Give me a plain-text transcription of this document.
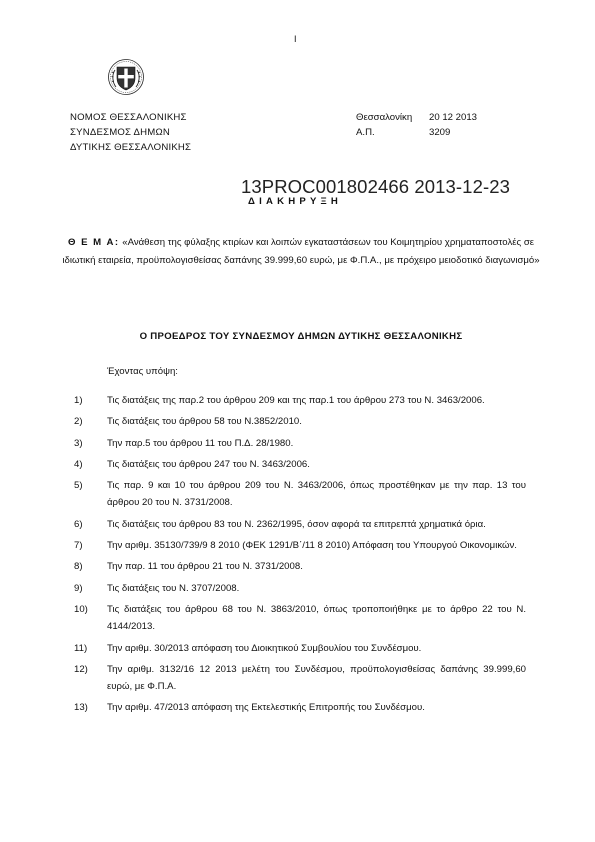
I
ΝΟΜΟΣ ΘΕΣΣΑΛΟΝΙΚΗΣ
ΣΥΝΔΕΣΜΟΣ ΔΗΜΩΝ
ΔΥΤΙΚΗΣ ΘΕΣΣΑΛΟΝΙΚΗΣ
Θεσσαλονίκη	20 12 2013
Α.Π.	3209
13PROC001802466 2013-12-23
ΔΙΑΚΗΡΥΞΗ
Θ Ε Μ Α: «Ανάθεση της φύλαξης κτιρίων και λοιπών εγκαταστάσεων του Κοιμητηρίου χρηματαποστολές σε ιδιωτική εταιρεία, προϋπολογισθείσας δαπάνης 39.999,60 ευρώ, με Φ.Π.Α., με πρόχειρο μειοδοτικό διαγωνισμό»
Ο ΠΡΟΕΔΡΟΣ ΤΟΥ ΣΥΝΔΕΣΜΟΥ ΔΗΜΩΝ ΔΥΤΙΚΗΣ ΘΕΣΣΑΛΟΝΙΚΗΣ
Έχοντας υπόψη:
1)	Τις διατάξεις της παρ.2 του άρθρου 209 και της παρ.1 του άρθρου 273 του Ν. 3463/2006.
2)	Τις διατάξεις του άρθρου 58 του Ν.3852/2010.
3)	Την παρ.5 του άρθρου 11 του Π.Δ. 28/1980.
4)	Τις διατάξεις του άρθρου 247 του Ν. 3463/2006.
5)	Τις παρ. 9 και 10 του άρθρου 209 του Ν. 3463/2006, όπως προστέθηκαν με την παρ. 13 του άρθρου 20 του Ν. 3731/2008.
6)	Τις διατάξεις του άρθρου 83 του Ν. 2362/1995, όσον αφορά τα επιτρεπτά χρηματικά όρια.
7)	Την αριθμ. 35130/739/9 8 2010 (ΦΕΚ 1291/Β΄/11 8 2010) Απόφαση του Υπουργού Οικονομικών.
8)	Την παρ. 11 του άρθρου 21 του Ν. 3731/2008.
9)	Τις διατάξεις του Ν. 3707/2008.
10)	Τις διατάξεις του άρθρου 68 του Ν. 3863/2010, όπως τροποποιήθηκε με το άρθρο 22 του Ν. 4144/2013.
11)	Την αριθμ. 30/2013 απόφαση του Διοικητικού Συμβουλίου του Συνδέσμου.
12)	Την αριθμ. 3132/16 12 2013 μελέτη του Συνδέσμου, προϋπολογισθείσας δαπάνης 39.999,60 ευρώ, με Φ.Π.Α.
13)	Την αριθμ. 47/2013 απόφαση της Εκτελεστικής Επιτροπής του Συνδέσμου.
